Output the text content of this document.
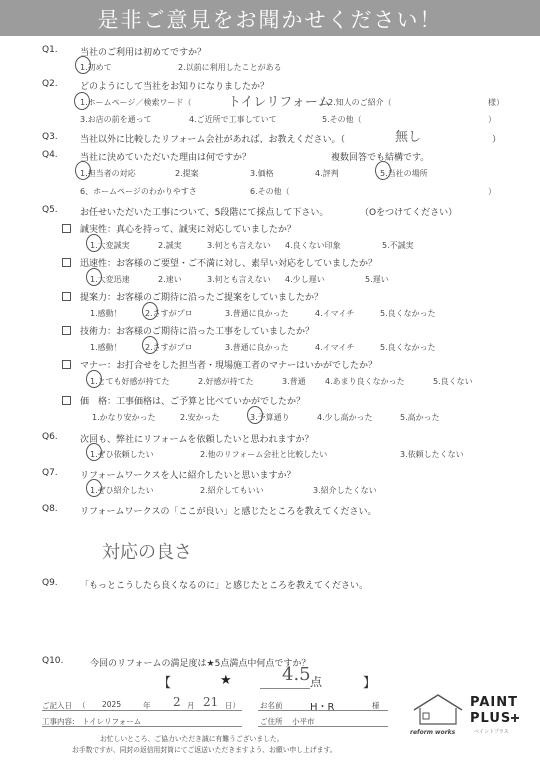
是非ご意見をお聞かせください！
Q1. 当社のご利用は初めてですか？
1.初めて	2.以前に利用したことがある
Q2. どのようにして当社をお知りになりましたか？
1.ホームページ／検索ワード（	トイレリフォーム
）2.知人のご紹介（	様）
3.お店の前を通って	4.ご近所で工事していて	5.その他（	）
Q3. 当社以外に比較したリフォーム会社があれば、お教えください。（	無し	）
Q4. 当社に決めていただいた理由は何ですか？	複数回答でも結構です。
1.担当者の対応	2.提案	3.価格	4.評判	5.当社の場所
6、ホームページのわかりやすさ	6.その他（	）
Q5. お任せいただいた工事について、5段階にて採点して下さい。	（Oをつけてください）
誠実性：真心を持って、誠実に対応していましたか？
1.大変誠実	2.誠実	3.何とも言えない 4.良くない印象	5.不誠実
迅速性：お客様のご要望・ご不満に対し、素早い対応をしていましたか？
1.大変迅速	2.速い	3.何とも言えない 4.少し遅い	5.遅い
提案力：お客様のご期待に沿ったご提案をしていましたか？
1.感動！	2.さすがプロ	3.普通に良かった	4.イマイチ	5.良くなかった
技術力：お客様のご期待に沿った工事をしていましたか？
1.感動！	2.さすがプロ	3.普通に良かった	4.イマイチ	5.良くなかった
マナー：お打合せをした担当者・現場施工者のマナーはいかがでしたか？
1.とても好感が持てた	2.好感が持てた	3.普通 4.あまり良くなかった	5.良くない
価　格：工事価格は、ご予算と比べていかがでしたか？
1.かなり安かった	2.安かった	3.予算通り	4.少し高かった	5.高かった
Q6. 次回も、弊社にリフォームを依頼したいと思われますか？
1.ぜひ依頼したい	2.他のリフォーム会社と比較したい	3.依頼したくない
Q7. リフォームワークスを人に紹介したいと思いますか？
1.ぜひ紹介したい	2.紹介してもいい	3.紹介したくない
Q8. リフォームワークスの「ここが良い」と感じたところを教えてください。
対応の良さ
Q9. 「もっとこうしたら良くなるのに」と感じたところを教えてください。
Q10.	今回のリフォームの満足度は★5点満点中何点ですか？
【	★	4.5 点	】
ご記入日 （ 2025	年 2 月 21 日）	お名前	H・R	様
工事内容: トイレリフォーム	ご住所 小平市
お忙しいところ、ご協力いただき誠に有難うございました。
お手数ですが、同封の返信用封筒にてご返送いただきますよう、お願い申し上げます。
reform works
PAINT
PLUS
ペイントプラス
